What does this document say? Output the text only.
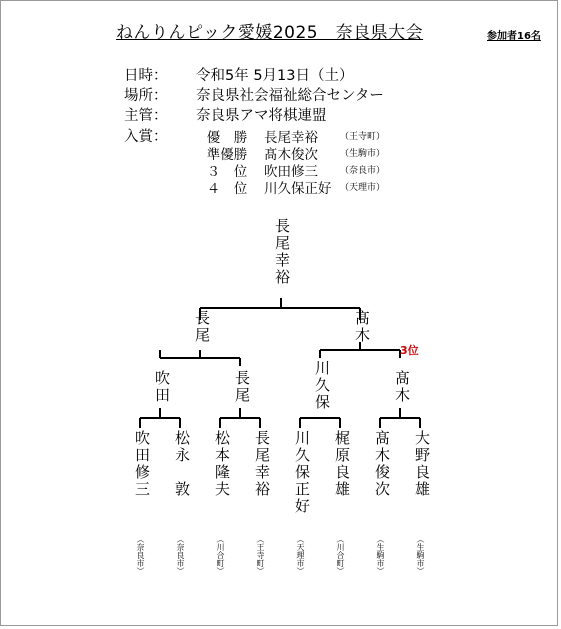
ねんりんピック愛媛2025　奈良県大会	参加者16名
日時： 令和5年 5月13日（土）
場所： 奈良県社会福祉総合センター
主管： 奈良県アマ将棋連盟
入賞：	優　勝	長尾幸裕 （王寺町）
準優勝	髙木俊次 （生駒市）
３　位	吹田修三 （奈良市）
４　位	川久保正好 （天理市）
長尾幸裕
長尾	髙木
3位
吹田	長尾	川久保	髙木
吹田修三 松永　敦 松本隆夫 長尾幸裕 川久保正好 梶原良雄 髙木俊次 大野良雄
（奈良市）	（奈良市）	（川合町）	（王寺町）	（天理市）	（川合町）	（生駒市）	（生駒市）
